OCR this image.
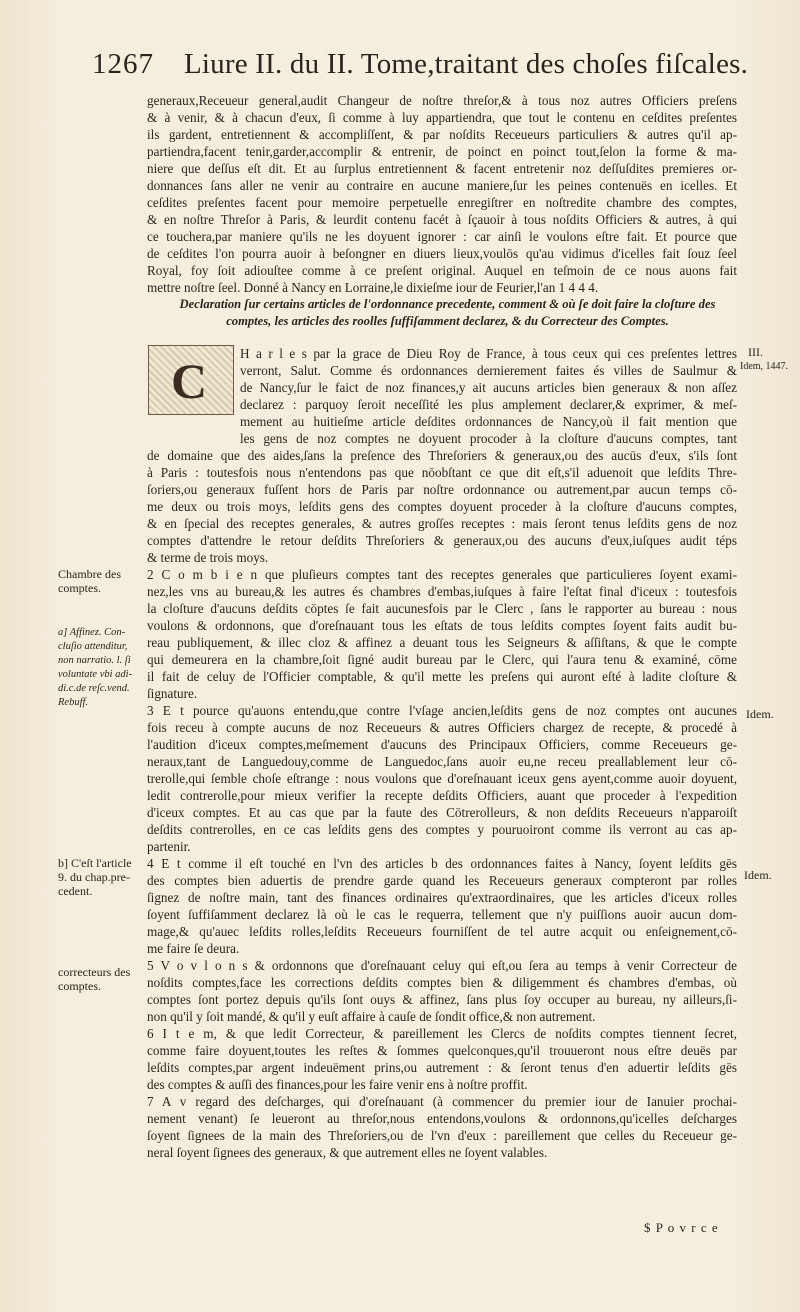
1267 Liure II. du II. Tome,traitant des choſes fiſcales.
generaux,Receueur general,audit Changeur de noſtre threſor,& à tous noz autres Officiers preſens
& à venir, & à chacun d'eux, ſi comme à luy appartiendra, que tout le contenu en ceſdites preſentes
ils gardent, entretiennent & accompliſſent, & par noſdits Receueurs particuliers & autres qu'il ap-
partiendra,facent tenir,garder,accomplir & entrenir, de poinct en poinct tout,ſelon la forme & ma-
niere que deſſus eſt dit. Et au ſurplus entretiennent & facent entretenir noz deſſuſdites premieres or-
donnances ſans aller ne venir au contraire en aucune maniere,ſur les peines contenuës en icelles. Et
ceſdites preſentes facent pour memoire perpetuelle enregiſtrer en noſtredite chambre des comptes,
& en noſtre Threſor à Paris, & leurdit contenu facét à ſçauoir à tous noſdits Officiers & autres, à qui
ce touchera,par maniere qu'ils ne les doyuent ignorer : car ainſi le voulons eſtre fait. Et pource que
de ceſdites l'on pourra auoir à beſongner en diuers lieux,voulōs qu'au vidimus d'icelles fait ſouz ſeel
Royal, foy ſoit adiouſtee comme à ce preſent original. Auquel en teſmoin de ce nous auons fait
mettre noſtre ſeel. Donné à Nancy en Lorraine,le dixieſme iour de Feurier,l'an 1 4 4 4.
Declaration ſur certains articles de l'ordonnance precedente, comment & où ſe doit faire la cloſture des
comptes, les articles des roolles ſuffiſamment declarez, & du Correcteur des Comptes.
C H a r l e s par la grace de Dieu Roy de France, à tous ceux qui ces preſentes lettres
verront, Salut. Comme és ordonnances dernierement faites és villes de Saulmur &
de Nancy,ſur le faict de noz finances,y ait aucuns articles bien generaux & non aſſez
declarez : parquoy ſeroit neceſſité les plus amplement declarer,& exprimer, & meſ-
mement au huitieſme article deſdites ordonnances de Nancy,où il fait mention que
les gens de noz comptes ne doyuent procoder à la cloſture d'aucuns comptes, tant
de domaine que des aides,ſans la preſence des Threſoriers & generaux,ou des aucūs d'eux, s'ils ſont
à Paris : toutesfois nous n'entendons pas que nōobſtant ce que dit eſt,s'il aduenoit que leſdits Thre-
ſoriers,ou generaux fuſſent hors de Paris par noſtre ordonnance ou autrement,par aucun temps cō-
me deux ou trois moys, leſdits gens des comptes doyuent proceder à la cloſture d'aucuns comptes,
& en ſpecial des receptes generales, & autres groſſes receptes : mais ſeront tenus leſdits gens de noz
comptes d'attendre le retour deſdits Threſoriers & generaux,ou des aucuns d'eux,iuſques audit téps
& terme de trois moys.
2 C o m b i e n que pluſieurs comptes tant des receptes generales que particulieres ſoyent exami-
nez,les vns au bureau,& les autres és chambres d'embas,iuſques à faire l'eſtat final d'iceux : toutesfois
la cloſture d'aucuns deſdits cōptes ſe fait aucunesfois par le Clerc , ſans le rapporter au bureau : nous
voulons & ordonnons, que d'oreſnauant tous les eſtats de tous leſdits comptes ſoyent faits audit bu-
reau publiquement, & illec cloz & affinez a deuant tous les Seigneurs & aſſiſtans, & que le compte
qui demeurera en la chambre,ſoit ſigné audit bureau par le Clerc, qui l'aura tenu & examiné, cōme
il fait de celuy de l'Officier comptable, & qu'il mette les preſens qui auront eſté à ladite cloſture &
ſignature.
3 E t pource qu'auons entendu,que contre l'vſage ancien,leſdits gens de noz comptes ont aucunes
fois receu à compte aucuns de noz Receueurs & autres Officiers chargez de recepte, & procedé à
l'audition d'iceux comptes,meſmement d'aucuns des Principaux Officiers, comme Receueurs ge-
neraux,tant de Languedouy,comme de Languedoc,ſans auoir eu,ne receu preallablement leur cō-
trerolle,qui ſemble choſe eſtrange : nous voulons que d'oreſnauant iceux gens ayent,comme auoir doyuent,
ledit contrerolle,pour mieux verifier la recepte deſdits Officiers, auant que proceder à l'expedition
d'iceux comptes. Et au cas que par la faute des Cōtrerolleurs, & non deſdits Receueurs n'apparoiſt
deſdits contrerolles, en ce cas leſdits gens des comptes y pouruoiront comme ils verront au cas ap-
partenir.
4 E t comme il eſt touché en l'vn des articles b des ordonnances faites à Nancy, ſoyent leſdits gēs
des comptes bien aduertis de prendre garde quand les Receueurs generaux compteront par rolles
ſignez de noſtre main, tant des finances ordinaires qu'extraordinaires, que les articles d'iceux rolles
ſoyent ſuffiſamment declarez là où le cas le requerra, tellement que n'y puiſſions auoir aucun dom-
mage,& qu'auec leſdits rolles,leſdits Receueurs fourniſſent de tel autre acquit ou enſeignement,cō-
me faire ſe deura.
5 V o v l o n s & ordonnons que d'oreſnauant celuy qui eſt,ou ſera au temps à venir Correcteur de
noſdits comptes,face les corrections deſdits comptes bien & diligemment és chambres d'embas, où
comptes ſont portez depuis qu'ils ſont ouys & affinez, ſans plus ſoy occuper au bureau, ny ailleurs,ſi-
non qu'il y ſoit mandé, & qu'il y euſt affaire à cauſe de ſondit office,& non autrement.
6 I t e m, & que ledit Correcteur, & pareillement les Clercs de noſdits comptes tiennent ſecret,
comme faire doyuent,toutes les reſtes & ſommes quelconques,qu'il trouueront nous eſtre deuës par
leſdits comptes,par argent indeuëment prins,ou autrement : & ſeront tenus d'en aduertir leſdits gēs
des comptes & auſſi des finances,pour les faire venir ens à noſtre proffit.
7 A v regard des deſcharges, qui d'oreſnauant (à commencer du premier iour de Ianuier prochai-
nement venant) ſe leueront au threſor,nous entendons,voulons & ordonnons,qu'icelles deſcharges
ſoyent ſignees de la main des Threſoriers,ou de l'vn d'eux : pareillement que celles du Receueur ge-
neral ſoyent ſignees des generaux, & que autrement elles ne ſoyent valables.
Chambre des comptes.
a] Affinez. Con- cluſio attenditur, non narratio. l. ſi voluntate vbi adi- di.c.de reſc.vend. Rebuff.
b] C'eſt l'article 9. du chap.pre- cedent.
correcteurs des comptes.
III.
Idem, 1447.
Idem.
Idem.
$ P o v r c e
